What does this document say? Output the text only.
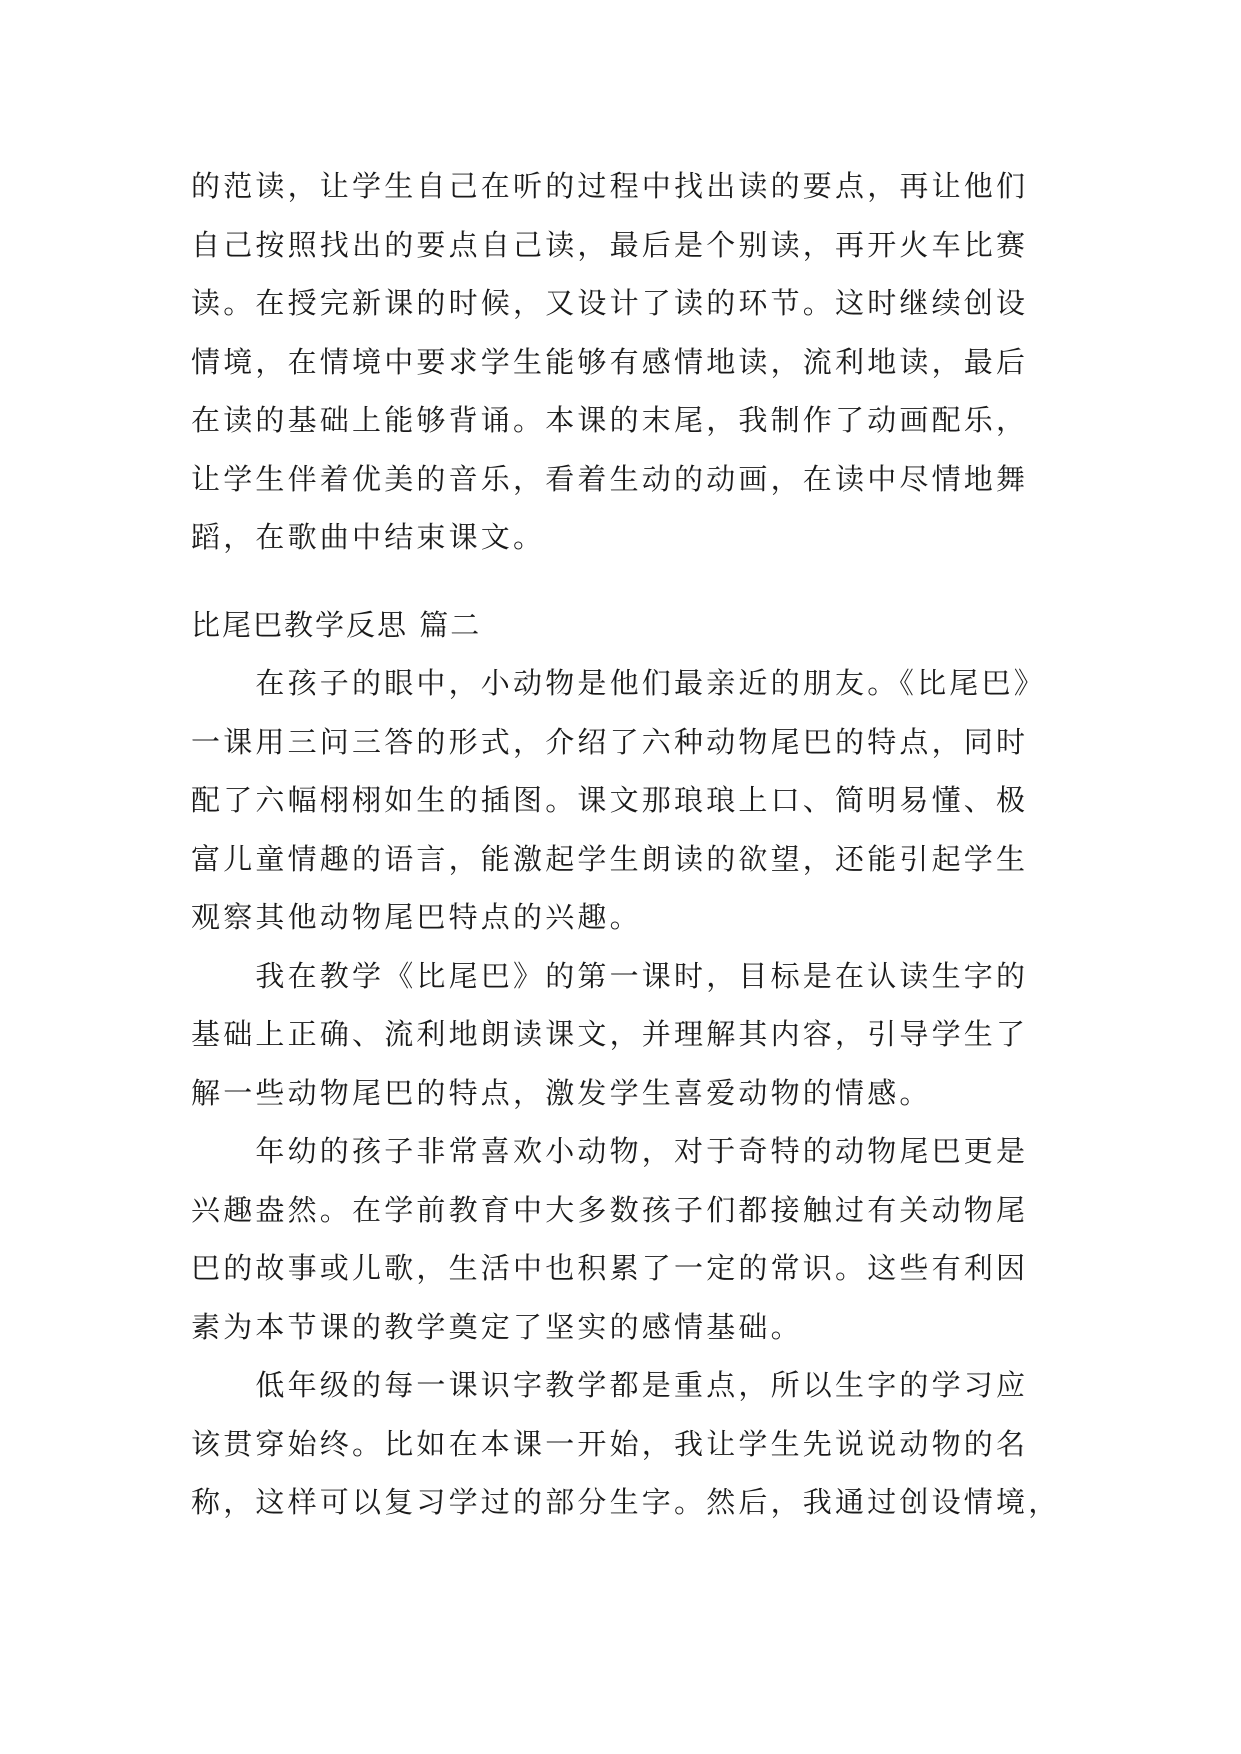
的范读，让学生自己在听的过程中找出读的要点，再让他们
自己按照找出的要点自己读，最后是个别读，再开火车比赛
读。在授完新课的时候，又设计了读的环节。这时继续创设
情境，在情境中要求学生能够有感情地读，流利地读，最后
在读的基础上能够背诵。本课的末尾，我制作了动画配乐，
让学生伴着优美的音乐，看着生动的动画，在读中尽情地舞
蹈，在歌曲中结束课文。
比尾巴教学反思 篇二
　　在孩子的眼中，小动物是他们最亲近的朋友。《比尾巴》
一课用三问三答的形式，介绍了六种动物尾巴的特点，同时
配了六幅栩栩如生的插图。课文那琅琅上口、简明易懂、极
富儿童情趣的语言，能激起学生朗读的欲望，还能引起学生
观察其他动物尾巴特点的兴趣。
　　我在教学《比尾巴》的第一课时，目标是在认读生字的
基础上正确、流利地朗读课文，并理解其内容，引导学生了
解一些动物尾巴的特点，激发学生喜爱动物的情感。
　　年幼的孩子非常喜欢小动物，对于奇特的动物尾巴更是
兴趣盎然。在学前教育中大多数孩子们都接触过有关动物尾
巴的故事或儿歌，生活中也积累了一定的常识。这些有利因
素为本节课的教学奠定了坚实的感情基础。
　　低年级的每一课识字教学都是重点，所以生字的学习应
该贯穿始终。比如在本课一开始，我让学生先说说动物的名
称，这样可以复习学过的部分生字。然后，我通过创设情境，
